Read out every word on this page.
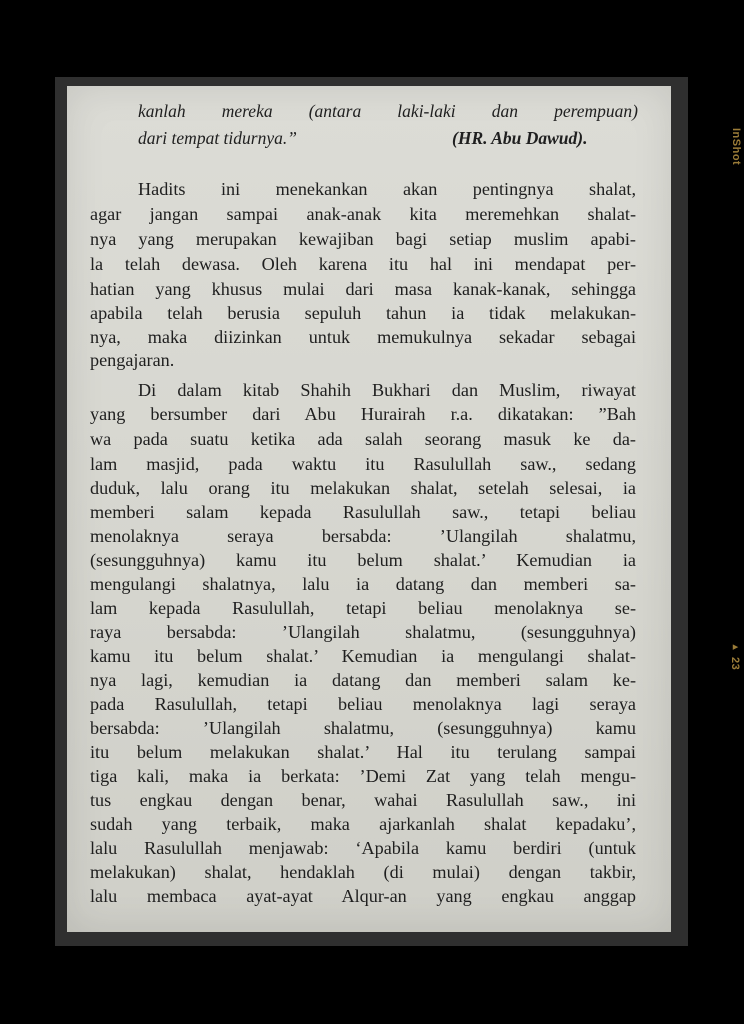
InShot
▸ 23
kanlah mereka (antara laki-laki dan perempuan)
dari tempat tidurnya.”	(HR. Abu Dawud).
Hadits ini menekankan akan pentingnya shalat,
agar jangan sampai anak-anak kita meremehkan shalat-
nya yang merupakan kewajiban bagi setiap muslim apabi-
la telah dewasa. Oleh karena itu hal ini mendapat per-
hatian yang khusus mulai dari masa kanak-kanak, sehingga
apabila telah berusia sepuluh tahun ia tidak melakukan-
nya, maka diizinkan untuk memukulnya sekadar sebagai
pengajaran.
Di dalam kitab Shahih Bukhari dan Muslim, riwayat
yang bersumber dari Abu Hurairah r.a. dikatakan: ”Bah
wa pada suatu ketika ada salah seorang masuk ke da-
lam masjid, pada waktu itu Rasulullah saw., sedang
duduk, lalu orang itu melakukan shalat, setelah selesai, ia
memberi salam kepada Rasulullah saw., tetapi beliau
menolaknya seraya bersabda: ’Ulangilah shalatmu,
(sesungguhnya) kamu itu belum shalat.’ Kemudian ia
mengulangi shalatnya, lalu ia datang dan memberi sa-
lam kepada Rasulullah, tetapi beliau menolaknya se-
raya bersabda: ’Ulangilah shalatmu, (sesungguhnya)
kamu itu belum shalat.’ Kemudian ia mengulangi shalat-
nya lagi, kemudian ia datang dan memberi salam ke-
pada Rasulullah, tetapi beliau menolaknya lagi seraya
bersabda: ’Ulangilah shalatmu, (sesungguhnya) kamu
itu belum melakukan shalat.’ Hal itu terulang sampai
tiga kali, maka ia berkata: ’Demi Zat yang telah mengu-
tus engkau dengan benar, wahai Rasulullah saw., ini
sudah yang terbaik, maka ajarkanlah shalat kepadaku’,
lalu Rasulullah menjawab: ‘Apabila kamu berdiri (untuk
melakukan) shalat, hendaklah (di mulai) dengan takbir,
lalu membaca ayat-ayat Alqur-an yang engkau anggap
